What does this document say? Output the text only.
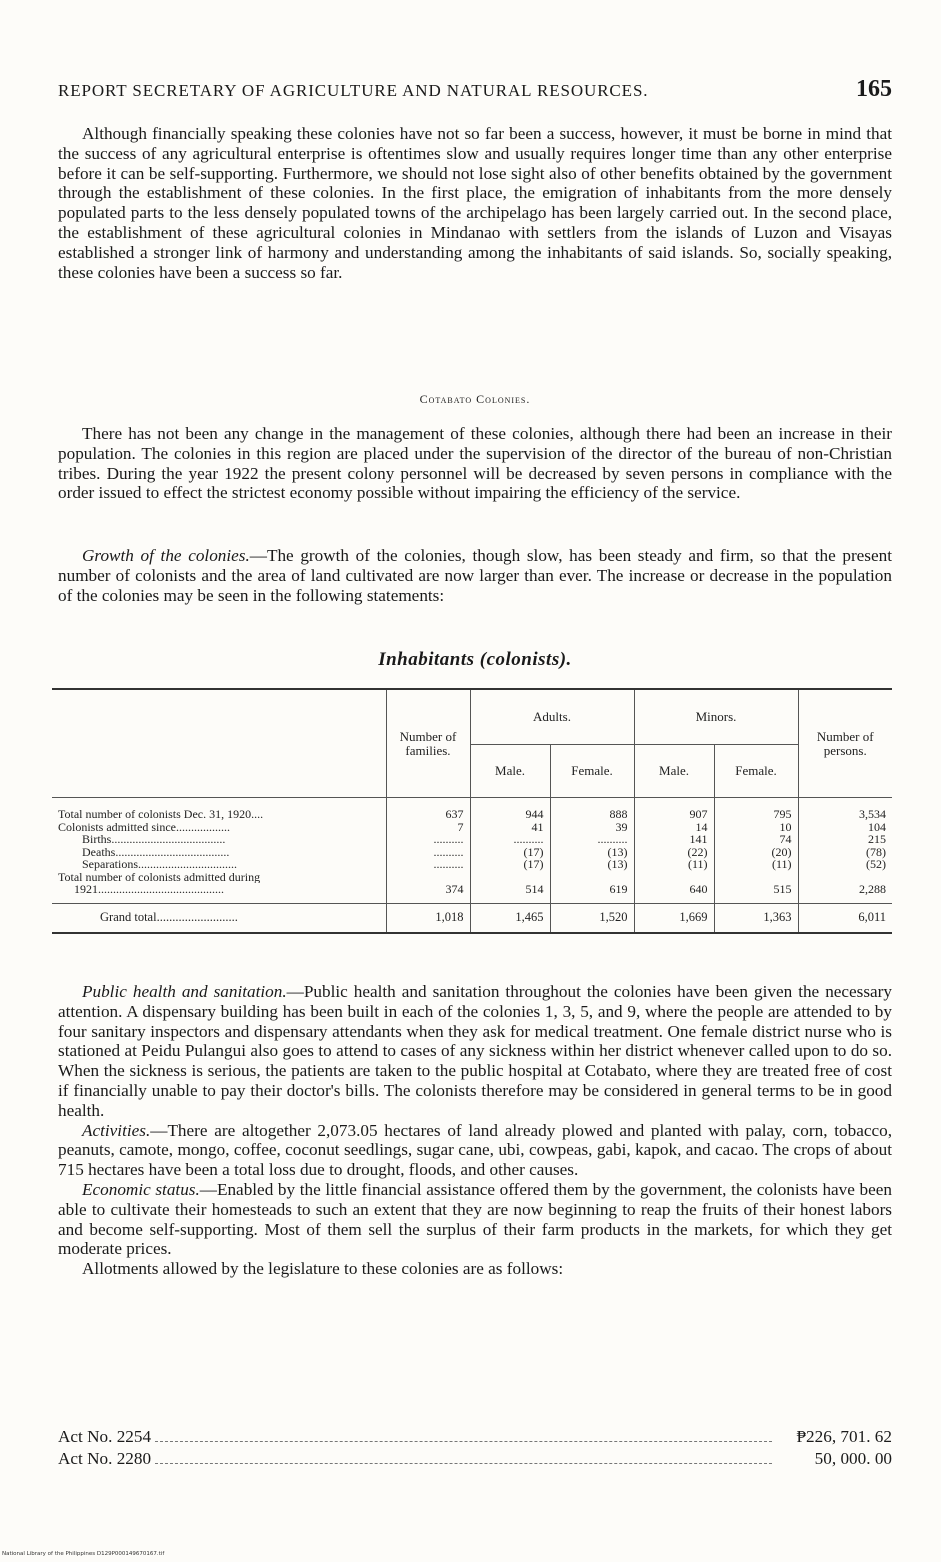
REPORT SECRETARY OF AGRICULTURE AND NATURAL RESOURCES.	165

Although financially speaking these colonies have not so far been a success, however, it must be borne in mind that the success of any agricultural enterprise is oftentimes slow and usually requires longer time than any other enterprise before it can be self-supporting. Furthermore, we should not lose sight also of other benefits obtained by the government through the establishment of these colonies. In the first place, the emigration of inhabitants from the more densely populated parts to the less densely populated towns of the archipelago has been largely carried out. In the second place, the establishment of these agricultural colonies in Mindanao with settlers from the islands of Luzon and Visayas established a stronger link of harmony and understanding among the inhabitants of said islands. So, socially speaking, these colonies have been a success so far.

Cotabato Colonies.

There has not been any change in the management of these colonies, although there had been an increase in their population. The colonies in this region are placed under the supervision of the director of the bureau of non-Christian tribes. During the year 1922 the present colony personnel will be decreased by seven persons in compliance with the order issued to effect the strictest economy possible without impairing the efficiency of the service.

Growth of the colonies.—The growth of the colonies, though slow, has been steady and firm, so that the present number of colonists and the area of land cultivated are now larger than ever. The increase or decrease in the population of the colonies may be seen in the following statements:

Inhabitants (colonists).
	Number of families.	Adults.		Minors.		Number of persons.
		Male.	Female.	Male.	Female.	
Total number of colonists Dec. 31, 1920....	637	944	888	907	795	3,534
Colonists admitted since..................	7	41	39	14	10	104
Births......................................	..........	..........	..........	141	74	215
Deaths......................................	..........	(17)	(13)	(22)	(20)	(78)
Separations.................................	..........	(17)	(13)	(11)	(11)	(52)

Total number of colonists admitted during
1921..........................................	374	514	619	640	515	2,288
Grand total..........................	1,018	1,465	1,520	1,669	1,363	6,011

Public health and sanitation.—Public health and sanitation throughout the colonies have been given the necessary attention. A dispensary building has been built in each of the colonies 1, 3, 5, and 9, where the people are attended to by four sanitary inspectors and dispensary attendants when they ask for medical treatment. One female district nurse who is stationed at Peidu Pulangui also goes to attend to cases of any sickness within her district whenever called upon to do so. When the sickness is serious, the patients are taken to the public hospital at Cotabato, where they are treated free of cost if financially unable to pay their doctor's bills. The colonists therefore may be considered in general terms to be in good health.

Activities.—There are altogether 2,073.05 hectares of land already plowed and planted with palay, corn, tobacco, peanuts, camote, mongo, coffee, coconut seedlings, sugar cane, ubi, cowpeas, gabi, kapok, and cacao. The crops of about 715 hectares have been a total loss due to drought, floods, and other causes.

Economic status.—Enabled by the little financial assistance offered them by the government, the colonists have been able to cultivate their homesteads to such an extent that they are now beginning to reap the fruits of their honest labors and become self-supporting. Most of them sell the surplus of their farm products in the markets, for which they get moderate prices.

Allotments allowed by the legislature to these colonies are as follows:

Act No. 2254	₱226, 701. 62
Act No. 2280	50, 000. 00
National Library of the Philippines D129P000149670167.tif
